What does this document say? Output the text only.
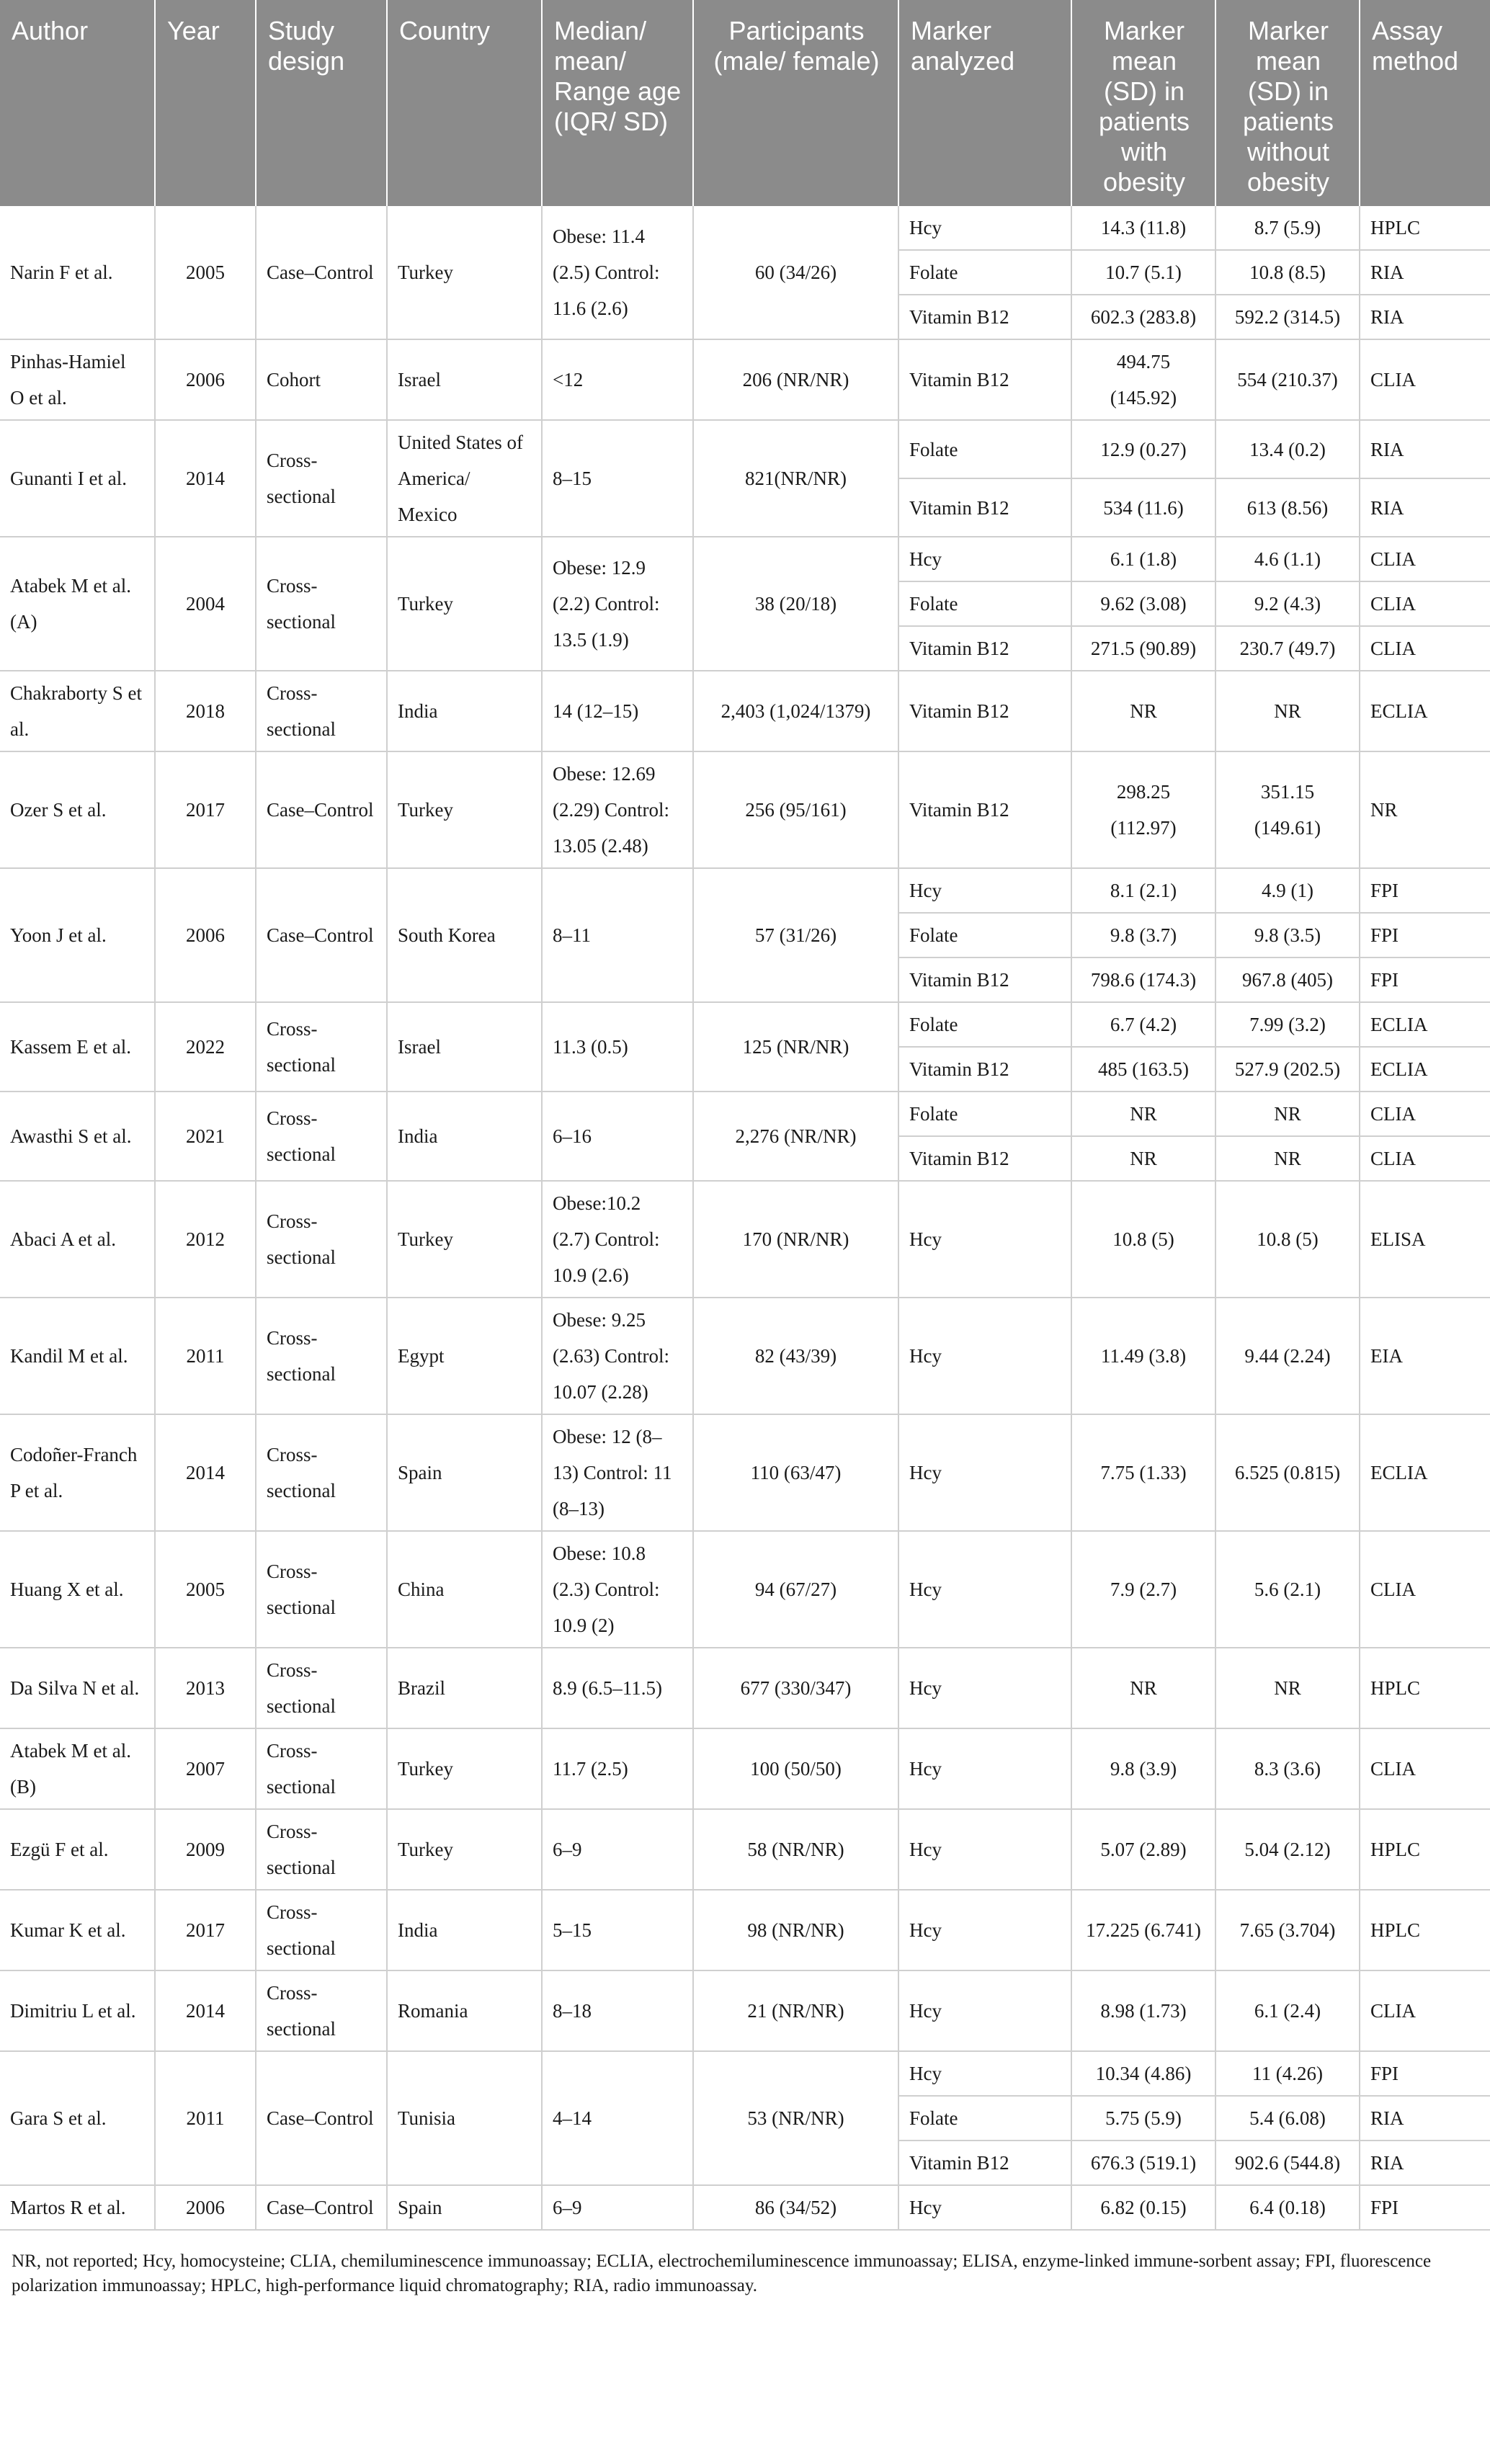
Author	Year	Study design	Country	Median/ mean/ Range age (IQR/ SD)	Participants (male/ female)	Marker analyzed	Marker mean (SD) in patients with obesity	Marker mean (SD) in patients without obesity	Assay method
Narin F et al.	2005	Case–Control	Turkey	Obese: 11.4 (2.5) Control: 11.6 (2.6)	60 (34/26)	Hcy	14.3 (11.8)	8.7 (5.9)	HPLC
						Folate	10.7 (5.1)	10.8 (8.5)	RIA
						Vitamin B12	602.3 (283.8)	592.2 (314.5)	RIA
Pinhas-Hamiel O et al.	2006	Cohort	Israel	<12	206 (NR/NR)	Vitamin B12	494.75 (145.92)	554 (210.37)	CLIA
Gunanti I et al.	2014	Cross-sectional	United States of America/ Mexico	8–15	821(NR/NR)	Folate	12.9 (0.27)	13.4 (0.2)	RIA
						Vitamin B12	534 (11.6)	613 (8.56)	RIA
Atabek M et al. (A)	2004	Cross-sectional	Turkey	Obese: 12.9 (2.2) Control: 13.5 (1.9)	38 (20/18)	Hcy	6.1 (1.8)	4.6 (1.1)	CLIA
						Folate	9.62 (3.08)	9.2 (4.3)	CLIA
						Vitamin B12	271.5 (90.89)	230.7 (49.7)	CLIA
Chakraborty S et al.	2018	Cross-sectional	India	14 (12–15)	2,403 (1,024/1379)	Vitamin B12	NR	NR	ECLIA
Ozer S et al.	2017	Case–Control	Turkey	Obese: 12.69 (2.29) Control: 13.05 (2.48)	256 (95/161)	Vitamin B12	298.25 (112.97)	351.15 (149.61)	NR
Yoon J et al.	2006	Case–Control	South Korea	8–11	57 (31/26)	Hcy	8.1 (2.1)	4.9 (1)	FPI
						Folate	9.8 (3.7)	9.8 (3.5)	FPI
						Vitamin B12	798.6 (174.3)	967.8 (405)	FPI
Kassem E et al.	2022	Cross-sectional	Israel	11.3 (0.5)	125 (NR/NR)	Folate	6.7 (4.2)	7.99 (3.2)	ECLIA
						Vitamin B12	485 (163.5)	527.9 (202.5)	ECLIA
Awasthi S et al.	2021	Cross-sectional	India	6–16	2,276 (NR/NR)	Folate	NR	NR	CLIA
						Vitamin B12	NR	NR	CLIA
Abaci A et al.	2012	Cross-sectional	Turkey	Obese:10.2 (2.7) Control: 10.9 (2.6)	170 (NR/NR)	Hcy	10.8 (5)	10.8 (5)	ELISA
Kandil M et al.	2011	Cross-sectional	Egypt	Obese: 9.25 (2.63) Control: 10.07 (2.28)	82 (43/39)	Hcy	11.49 (3.8)	9.44 (2.24)	EIA
Codoñer-Franch P et al.	2014	Cross-sectional	Spain	Obese: 12 (8–13) Control: 11 (8–13)	110 (63/47)	Hcy	7.75 (1.33)	6.525 (0.815)	ECLIA
Huang X et al.	2005	Cross-sectional	China	Obese: 10.8 (2.3) Control: 10.9 (2)	94 (67/27)	Hcy	7.9 (2.7)	5.6 (2.1)	CLIA
Da Silva N et al.	2013	Cross-sectional	Brazil	8.9 (6.5–11.5)	677 (330/347)	Hcy	NR	NR	HPLC
Atabek M et al. (B)	2007	Cross-sectional	Turkey	11.7 (2.5)	100 (50/50)	Hcy	9.8 (3.9)	8.3 (3.6)	CLIA
Ezgü F et al.	2009	Cross-sectional	Turkey	6–9	58 (NR/NR)	Hcy	5.07 (2.89)	5.04 (2.12)	HPLC
Kumar K et al.	2017	Cross-sectional	India	5–15	98 (NR/NR)	Hcy	17.225 (6.741)	7.65 (3.704)	HPLC
Dimitriu L et al.	2014	Cross-sectional	Romania	8–18	21 (NR/NR)	Hcy	8.98 (1.73)	6.1 (2.4)	CLIA
Gara S et al.	2011	Case–Control	Tunisia	4–14	53 (NR/NR)	Hcy	10.34 (4.86)	11 (4.26)	FPI
						Folate	5.75 (5.9)	5.4 (6.08)	RIA
						Vitamin B12	676.3 (519.1)	902.6 (544.8)	RIA
Martos R et al.	2006	Case–Control	Spain	6–9	86 (34/52)	Hcy	6.82 (0.15)	6.4 (0.18)	FPI
NR, not reported; Hcy, homocysteine; CLIA, chemiluminescence immunoassay; ECLIA, electrochemiluminescence immunoassay; ELISA, enzyme-linked immune-sorbent assay; FPI, fluorescence polarization immunoassay; HPLC, high-performance liquid chromatography; RIA, radio immunoassay.
